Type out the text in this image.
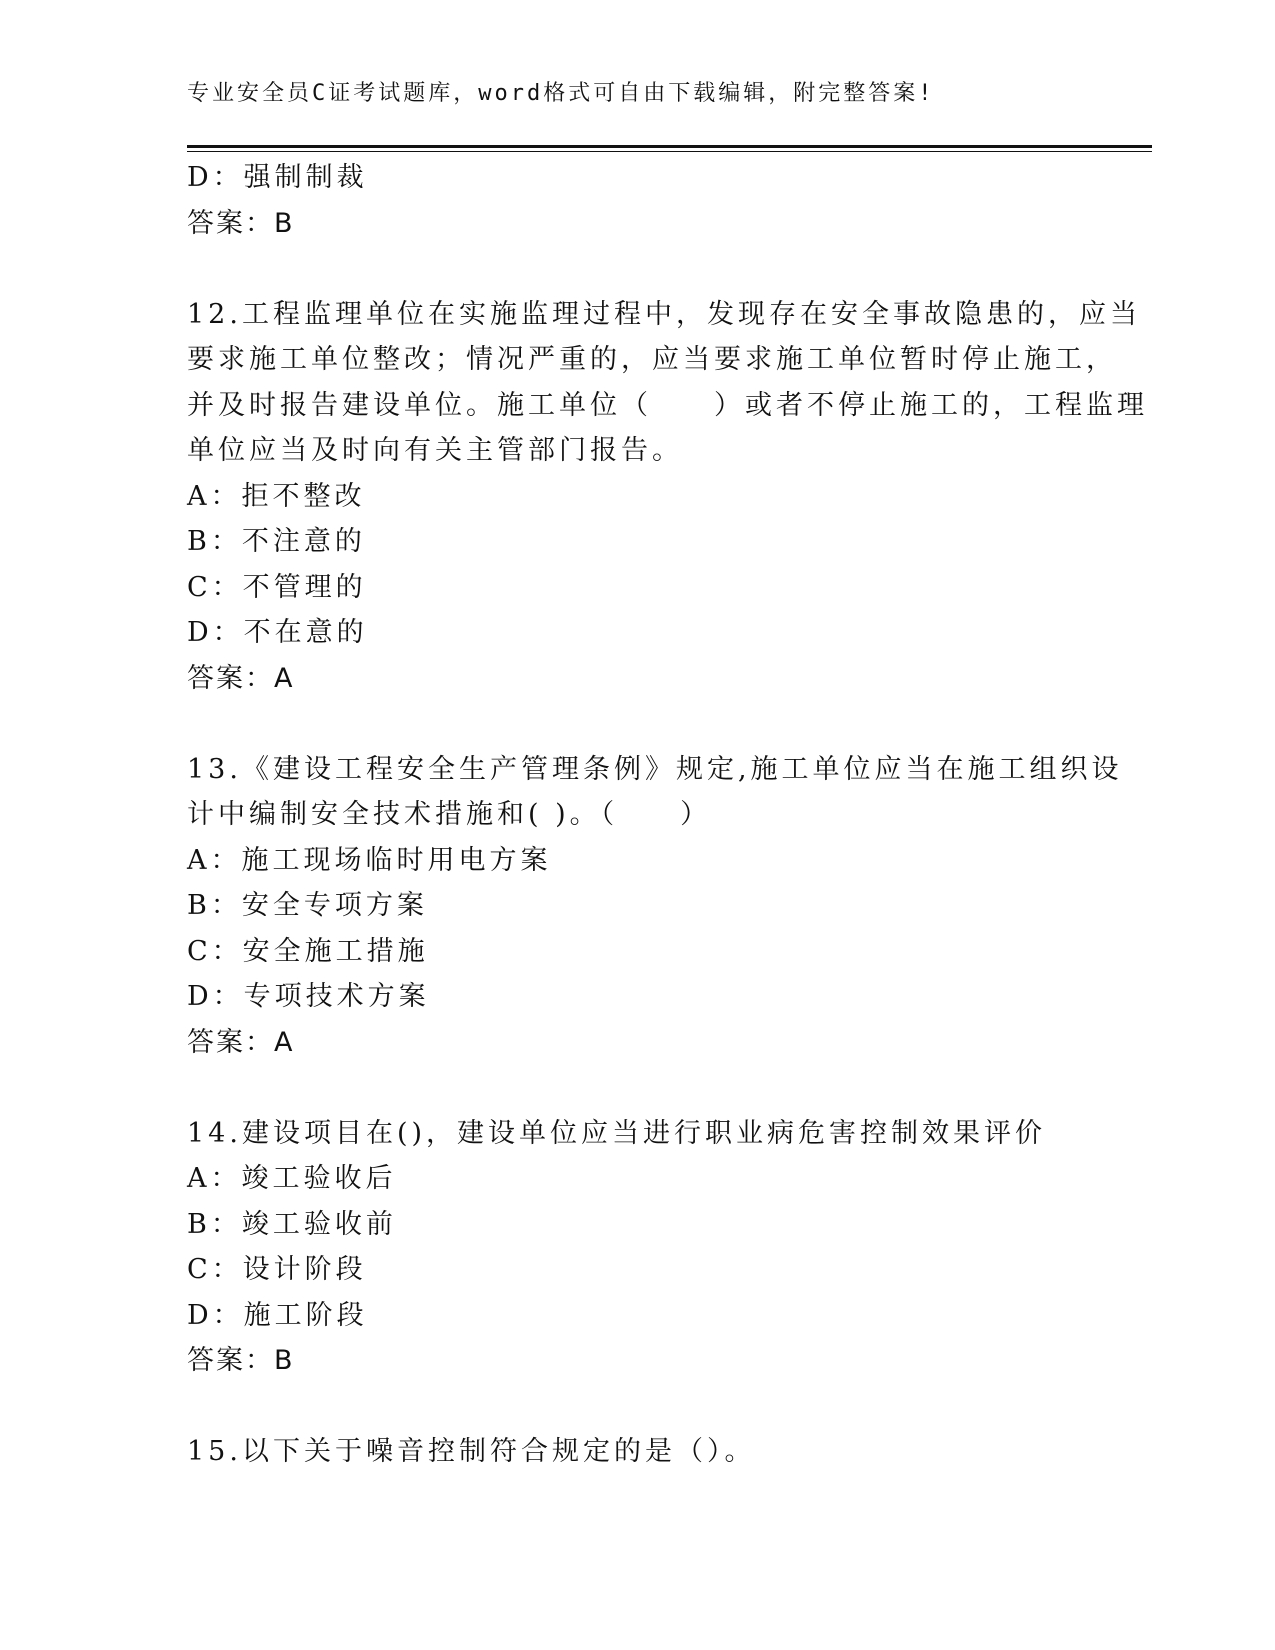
专业安全员C证考试题库，word格式可自由下载编辑，附完整答案!
D：强制制裁
答案：B
12.工程监理单位在实施监理过程中，发现存在安全事故隐患的，应当
要求施工单位整改；情况严重的，应当要求施工单位暂时停止施工，
并及时报告建设单位。施工单位（　　）或者不停止施工的，工程监理
单位应当及时向有关主管部门报告。
A：拒不整改
B：不注意的
C：不管理的
D：不在意的
答案：A
13.《建设工程安全生产管理条例》规定,施工单位应当在施工组织设
计中编制安全技术措施和( )。（　　）
A：施工现场临时用电方案
B：安全专项方案
C：安全施工措施
D：专项技术方案
答案：A
14.建设项目在()，建设单位应当进行职业病危害控制效果评价
A：竣工验收后
B：竣工验收前
C：设计阶段
D：施工阶段
答案：B
15.以下关于噪音控制符合规定的是（）。
